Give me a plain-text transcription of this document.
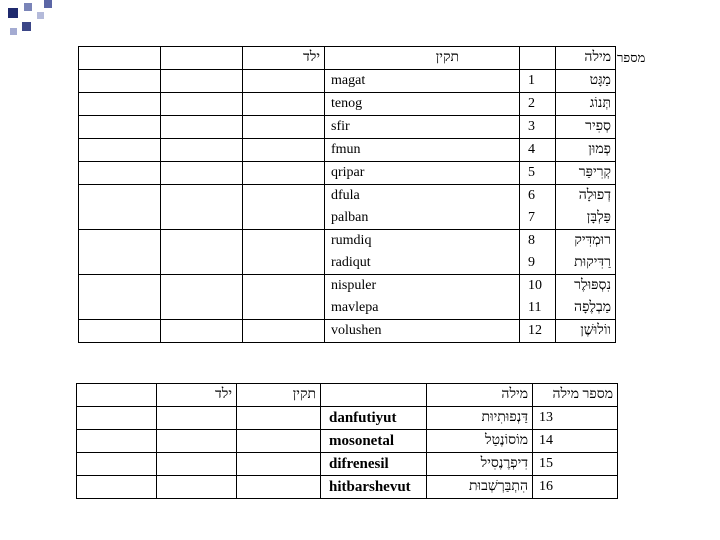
מספר
		ילד	תקין		מילה
			magat	1	מַגָּט
			tenog	2	תְּנוֹג
			sfir	3	סְפִיר
			fmun	4	פְמוּן
			qripar	5	קְרִיפַּר
			dfula	6	דְפוּלָה
			palban	7	פַּלְבָּן
			rumdiq	8	רוּמְדִּיק
			radiqut	9	רַדִּיקוּת
			nispuler	10	נִסְפּוּלֶר
			mavlepa	11	מַבְלֶפָה
			volushen	12	ווֹלוּשֶׁן
	ילד	תקין		מילה	מספר מילה
			danfutiyut	דַּנְפוּתִיוּת	13
			mosonetal	מוֹסוֹנֶטַל	14
			difrenesil	דִיפְרֶנֶסִיל	15
			hitbarshevut	הִתְבַּרְשְׁבוּת	16
